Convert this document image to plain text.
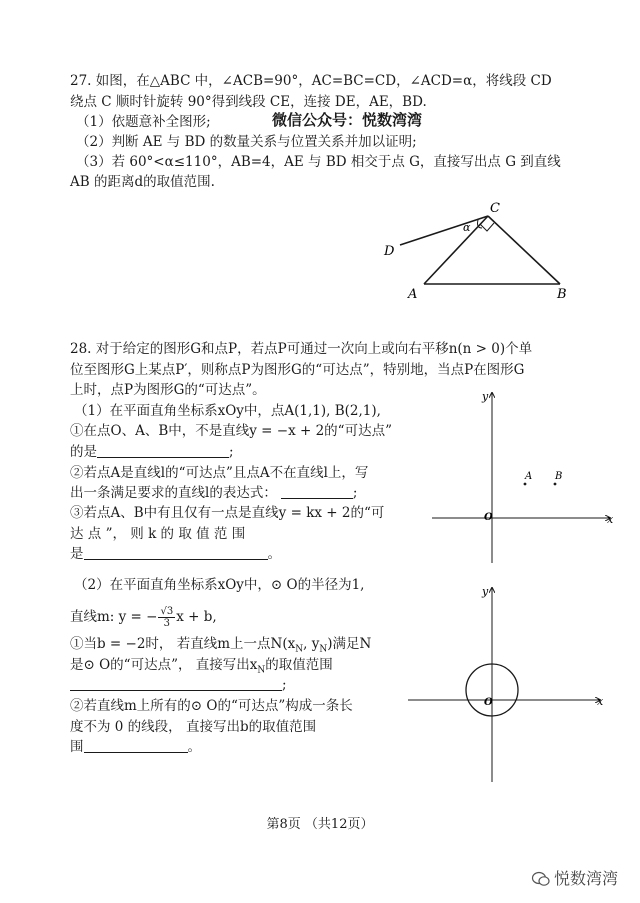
27. 如图，在△ABC 中，∠ACB=90°，AC=BC=CD，∠ACD=α，将线段 CD
绕点 C 顺时针旋转 90°得到线段 CE，连接 DE，AE，BD.
（1）依题意补全图形;	微信公众号：悦数湾湾
（2）判断 AE 与 BD 的数量关系与位置关系并加以证明;
（3）若 60°<α≤110°，AB=4，AE 与 BD 相交于点 G，直接写出点 G 到直线
AB 的距离d的取值范围.
C
D
A	B
α
28. 对于给定的图形G和点P，若点P可通过一次向上或向右平移n(n > 0)个单
位至图形G上某点P′，则称点P为图形G的“可达点”，特别地，当点P在图形G
上时，点P为图形G的“可达点”。
（1）在平面直角坐标系xOy中，点A(1,1), B(2,1),
①在点O、A、B中，不是直线y = −x + 2的“可达点”
的是	;
②若点A是直线l的“可达点”且点A不在直线l上，写
出一条满足要求的直线l的表达式：	;
③若点A、B中有且仅有一点是直线y = kx + 2的“可
达 点 ”， 则 k 的 取 值 范 围
是	。
y
x
O
A B
（2）在平面直角坐标系xOy中，⊙ O的半径为1,
直线m: y = − $\frac{√3}{3}$ x + b,
①当b = −2时， 若直线m上一点$N(x_N$, $y_N$)满足N
是⊙ O的“可达点”， 直接写出$x_N$的取值范围
;
②若直线m上所有的⊙ O的“可达点”构成一条长
度不为 0 的线段， 直接写出b的取值范围
围	。
y
x
O
第8页 （共12页）
悦数湾湾
